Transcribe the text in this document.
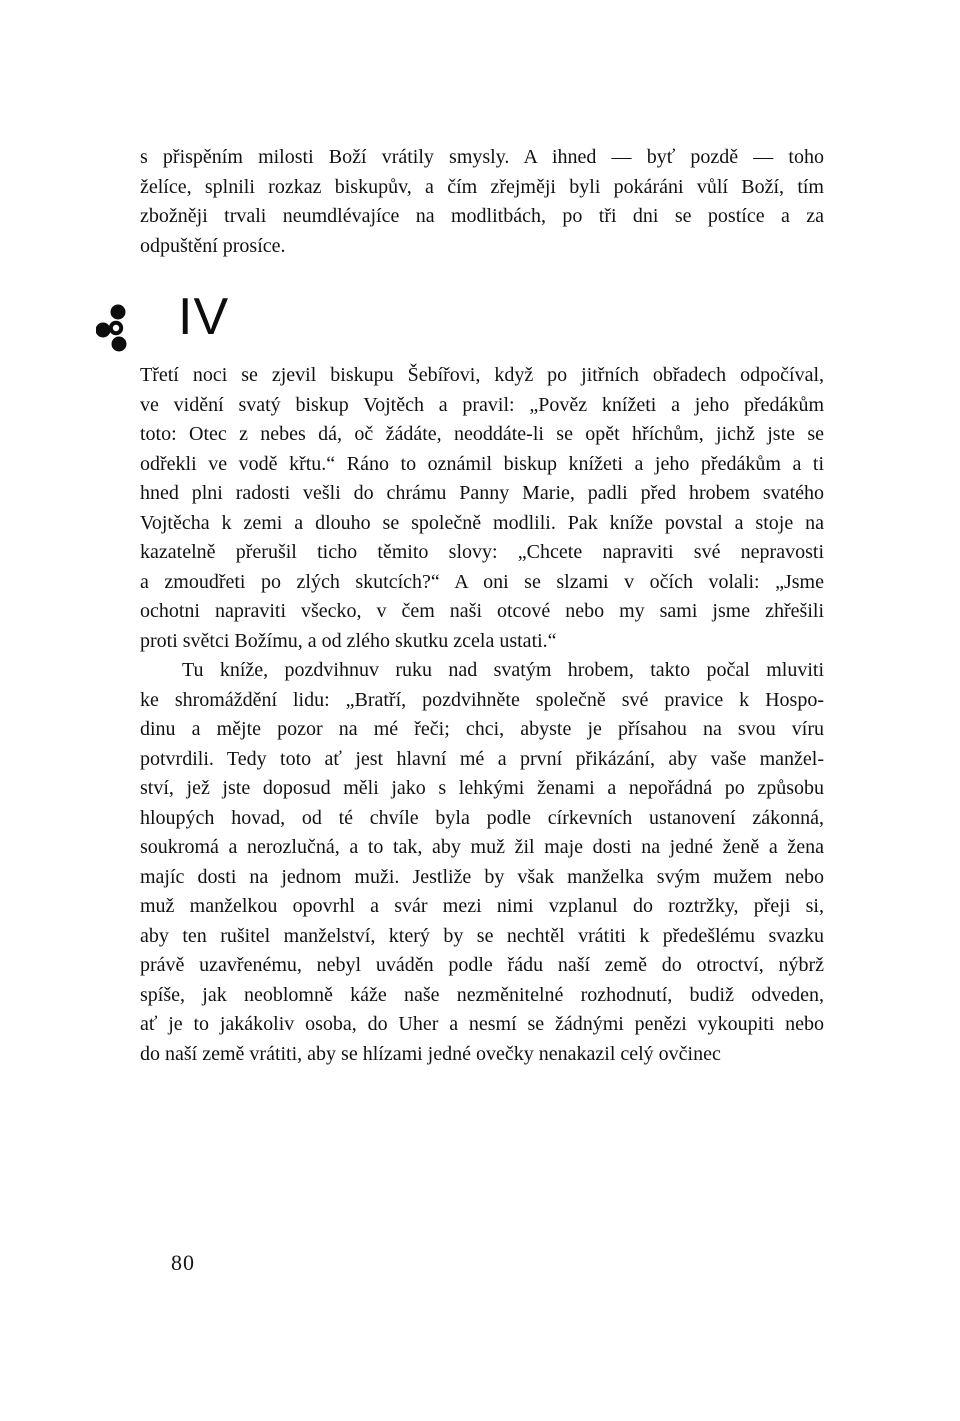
s přispěním milosti Boží vrátily smysly. A ihned — byť pozdě — toho
želíce, splnili rozkaz biskupův, a čím zřejměji byli pokáráni vůlí Boží, tím
zbožněji trvali neumdlévajíce na modlitbách, po tři dni se postíce a za
odpuštění prosíce.
IV
Třetí noci se zjevil biskupu Šebířovi, když po jitřních obřadech odpočíval,
ve vidění svatý biskup Vojtěch a pravil: „Pověz knížeti a jeho předákům
toto: Otec z nebes dá, oč žádáte, neoddáte-li se opět hříchům, jichž jste se
odřekli ve vodě křtu.“ Ráno to oznámil biskup knížeti a jeho předákům a ti
hned plni radosti vešli do chrámu Panny Marie, padli před hrobem svatého
Vojtěcha k zemi a dlouho se společně modlili. Pak kníže povstal a stoje na
kazatelně přerušil ticho těmito slovy: „Chcete napraviti své nepravosti
a zmoudřeti po zlých skutcích?“ A oni se slzami v očích volali: „Jsme
ochotni napraviti všecko, v čem naši otcové nebo my sami jsme zhřešili
proti světci Božímu, a od zlého skutku zcela ustati.“
Tu kníže, pozdvihnuv ruku nad svatým hrobem, takto počal mluviti
ke shromáždění lidu: „Bratří, pozdvihněte společně své pravice k Hospo-
dinu a mějte pozor na mé řeči; chci, abyste je přísahou na svou víru
potvrdili. Tedy toto ať jest hlavní mé a první přikázání, aby vaše manžel-
ství, jež jste doposud měli jako s lehkými ženami a nepořádná po způsobu
hloupých hovad, od té chvíle byla podle církevních ustanovení zákonná,
soukromá a nerozlučná, a to tak, aby muž žil maje dosti na jedné ženě a žena
majíc dosti na jednom muži. Jestliže by však manželka svým mužem nebo
muž manželkou opovrhl a svár mezi nimi vzplanul do roztržky, přeji si,
aby ten rušitel manželství, který by se nechtěl vrátiti k předešlému svazku
právě uzavřenému, nebyl uváděn podle řádu naší země do otroctví, nýbrž
spíše, jak neoblomně káže naše nezměnitelné rozhodnutí, budiž odveden,
ať je to jakákoliv osoba, do Uher a nesmí se žádnými penězi vykoupiti nebo
do naší země vrátiti, aby se hlízami jedné ovečky nenakazil celý ovčinec
80
